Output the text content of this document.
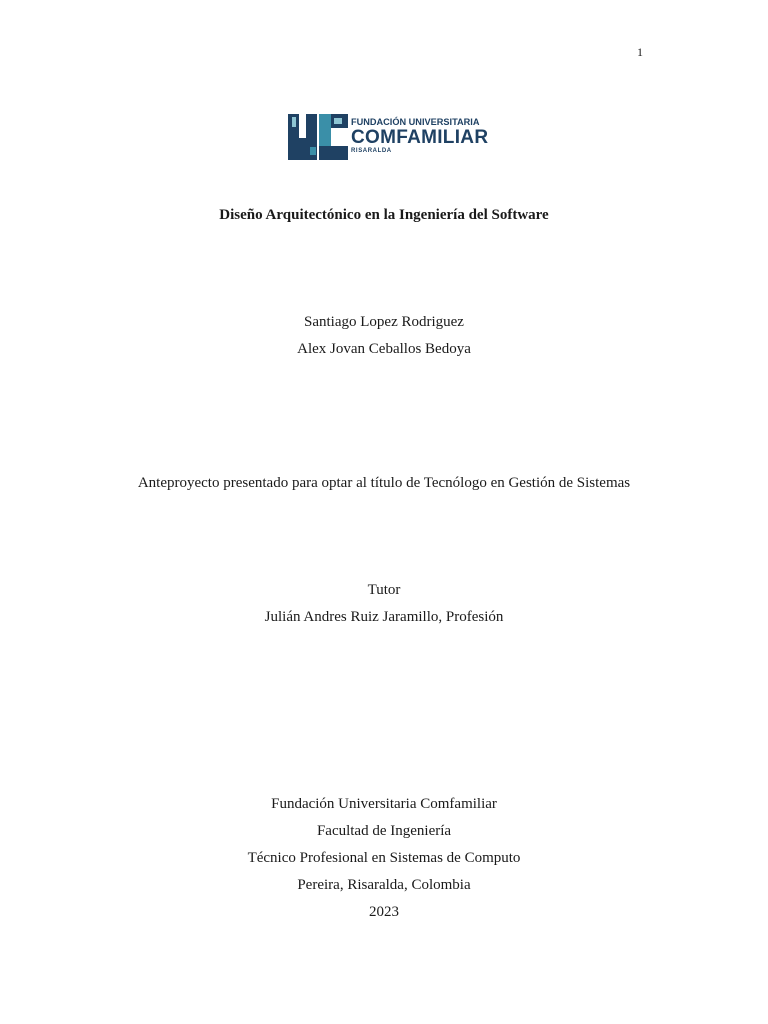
1
FUNDACIÓN UNIVERSITARIA
COMFAMILIAR
RISARALDA
Diseño Arquitectónico en la Ingeniería del Software
Santiago Lopez Rodriguez
Alex Jovan Ceballos Bedoya
Anteproyecto presentado para optar al título de Tecnólogo en Gestión de Sistemas
Tutor
Julián Andres Ruiz Jaramillo, Profesión
Fundación Universitaria Comfamiliar
Facultad de Ingeniería
Técnico Profesional en Sistemas de Computo
Pereira, Risaralda, Colombia
2023
